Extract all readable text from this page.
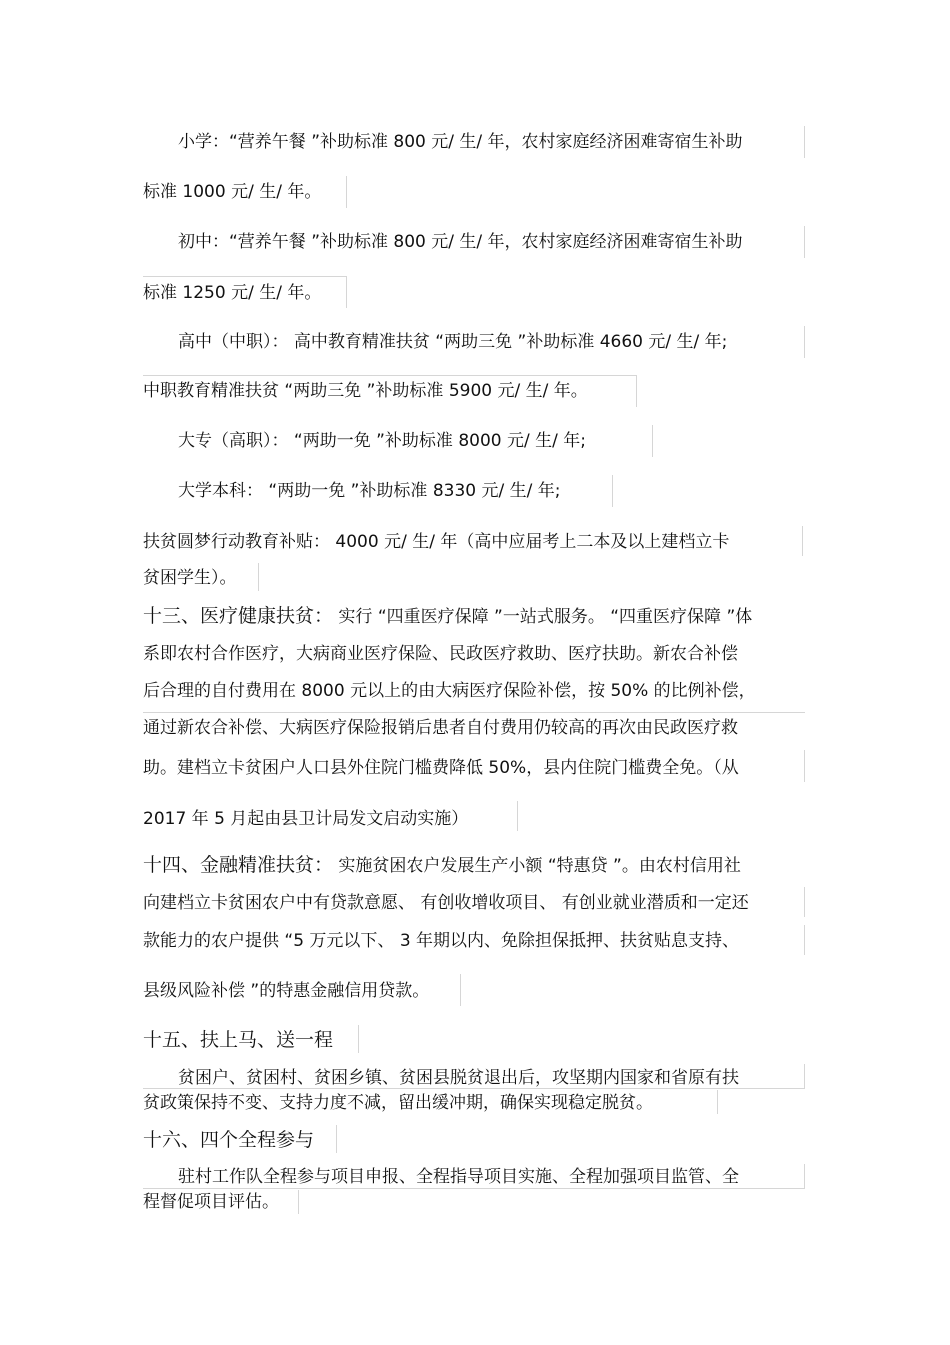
小学：“营养午餐 ”补助标准 800 元/ 生/ 年，农村家庭经济困难寄宿生补助
标准 1000 元/ 生/ 年。
初中：“营养午餐 ”补助标准 800 元/ 生/ 年，农村家庭经济困难寄宿生补助
标准 1250 元/ 生/ 年。
高中（中职）： 高中教育精准扶贫 “两助三免 ”补助标准 4660 元/ 生/ 年;
中职教育精准扶贫 “两助三免 ”补助标准 5900 元/ 生/ 年。
大专（高职）： “两助一免 ”补助标准 8000 元/ 生/ 年;
大学本科： “两助一免 ”补助标准 8330 元/ 生/ 年;
扶贫圆梦行动教育补贴： 4000 元/ 生/ 年（高中应届考上二本及以上建档立卡
贫困学生）。
十三、医疗健康扶贫： 实行 “四重医疗保障 ”一站式服务。 “四重医疗保障 ”体
系即农村合作医疗，大病商业医疗保险、民政医疗救助、医疗扶助。新农合补偿
后合理的自付费用在 8000 元以上的由大病医疗保险补偿，按 50% 的比例补偿，
通过新农合补偿、大病医疗保险报销后患者自付费用仍较高的再次由民政医疗救
助。建档立卡贫困户人口县外住院门槛费降低 50%，县内住院门槛费全免。（从
2017 年 5 月起由县卫计局发文启动实施）
十四、金融精准扶贫： 实施贫困农户发展生产小额 “特惠贷 ”。由农村信用社
向建档立卡贫困农户中有贷款意愿、 有创收增收项目、 有创业就业潜质和一定还
款能力的农户提供 “5 万元以下、 3 年期以内、免除担保抵押、扶贫贴息支持、
县级风险补偿 ”的特惠金融信用贷款。
十五、扶上马、送一程
贫困户、贫困村、贫困乡镇、贫困县脱贫退出后，攻坚期内国家和省原有扶
贫政策保持不变、支持力度不减，留出缓冲期，确保实现稳定脱贫。
十六、四个全程参与
驻村工作队全程参与项目申报、全程指导项目实施、全程加强项目监管、全
程督促项目评估。
